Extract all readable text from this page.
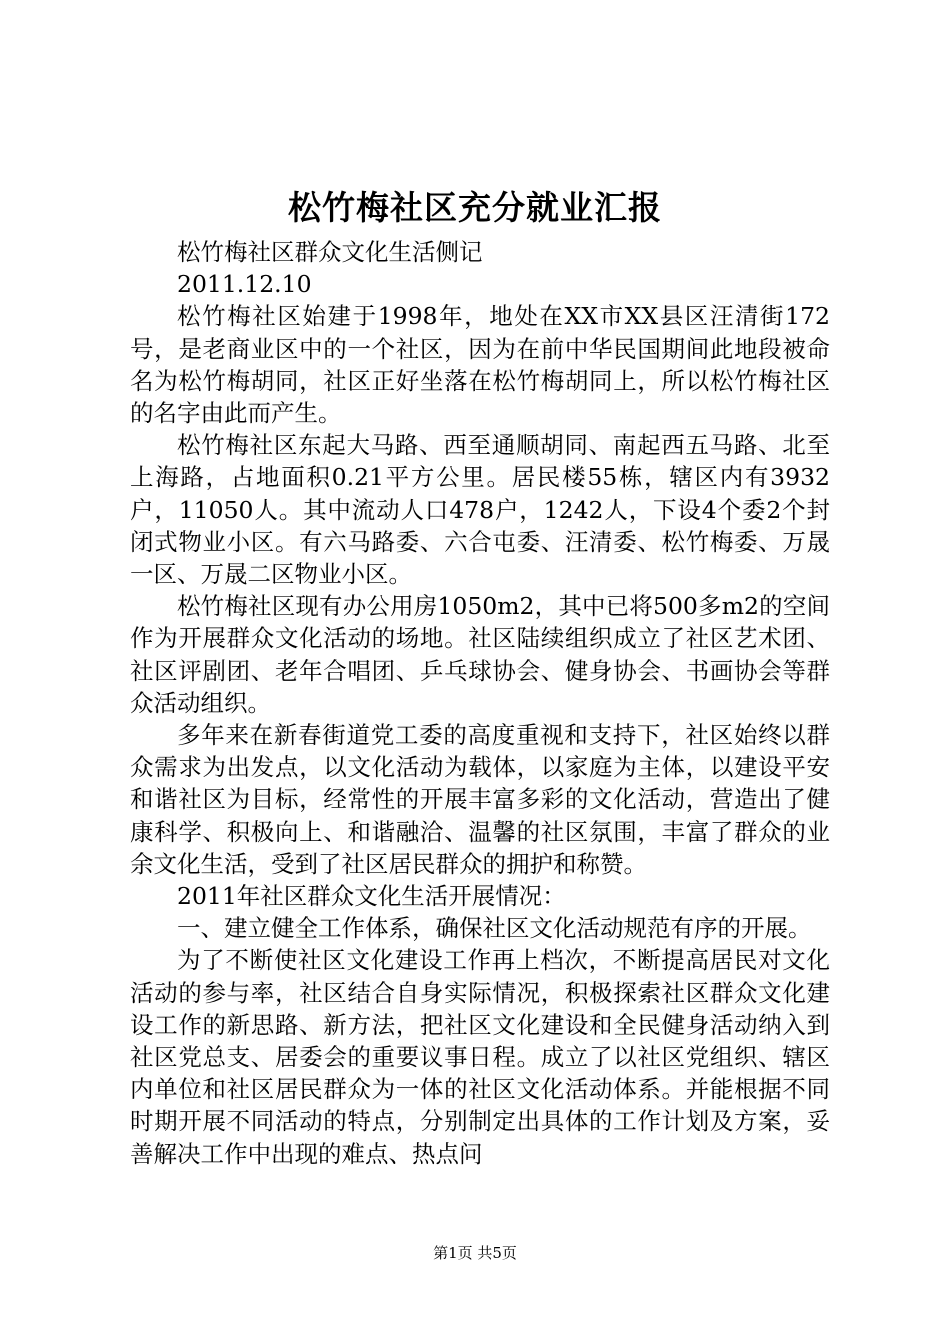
松竹梅社区充分就业汇报

松竹梅社区群众文化生活侧记

2011.12.10

松竹梅社区始建于1998年，地处在XX市XX县区汪清街172号，是老商业区中的一个社区，因为在前中华民国期间此地段被命名为松竹梅胡同，社区正好坐落在松竹梅胡同上，所以松竹梅社区的名字由此而产生。

松竹梅社区东起大马路、西至通顺胡同、南起西五马路、北至上海路，占地面积0.21平方公里。居民楼55栋，辖区内有3932户，11050人。其中流动人口478户，1242人，下设4个委2个封闭式物业小区。有六马路委、六合屯委、汪清委、松竹梅委、万晟一区、万晟二区物业小区。

松竹梅社区现有办公用房1050m2，其中已将500多m2的空间作为开展群众文化活动的场地。社区陆续组织成立了社区艺术团、社区评剧团、老年合唱团、乒乓球协会、健身协会、书画协会等群众活动组织。

多年来在新春街道党工委的高度重视和支持下，社区始终以群众需求为出发点，以文化活动为载体，以家庭为主体，以建设平安和谐社区为目标，经常性的开展丰富多彩的文化活动，营造出了健康科学、积极向上、和谐融洽、温馨的社区氛围，丰富了群众的业余文化生活，受到了社区居民群众的拥护和称赞。

2011年社区群众文化生活开展情况：

一、建立健全工作体系，确保社区文化活动规范有序的开展。

为了不断使社区文化建设工作再上档次，不断提高居民对文化活动的参与率，社区结合自身实际情况，积极探索社区群众文化建设工作的新思路、新方法，把社区文化建设和全民健身活动纳入到社区党总支、居委会的重要议事日程。成立了以社区党组织、辖区内单位和社区居民群众为一体的社区文化活动体系。并能根据不同时期开展不同活动的特点，分别制定出具体的工作计划及方案，妥善解决工作中出现的难点、热点问

第1页 共5页
